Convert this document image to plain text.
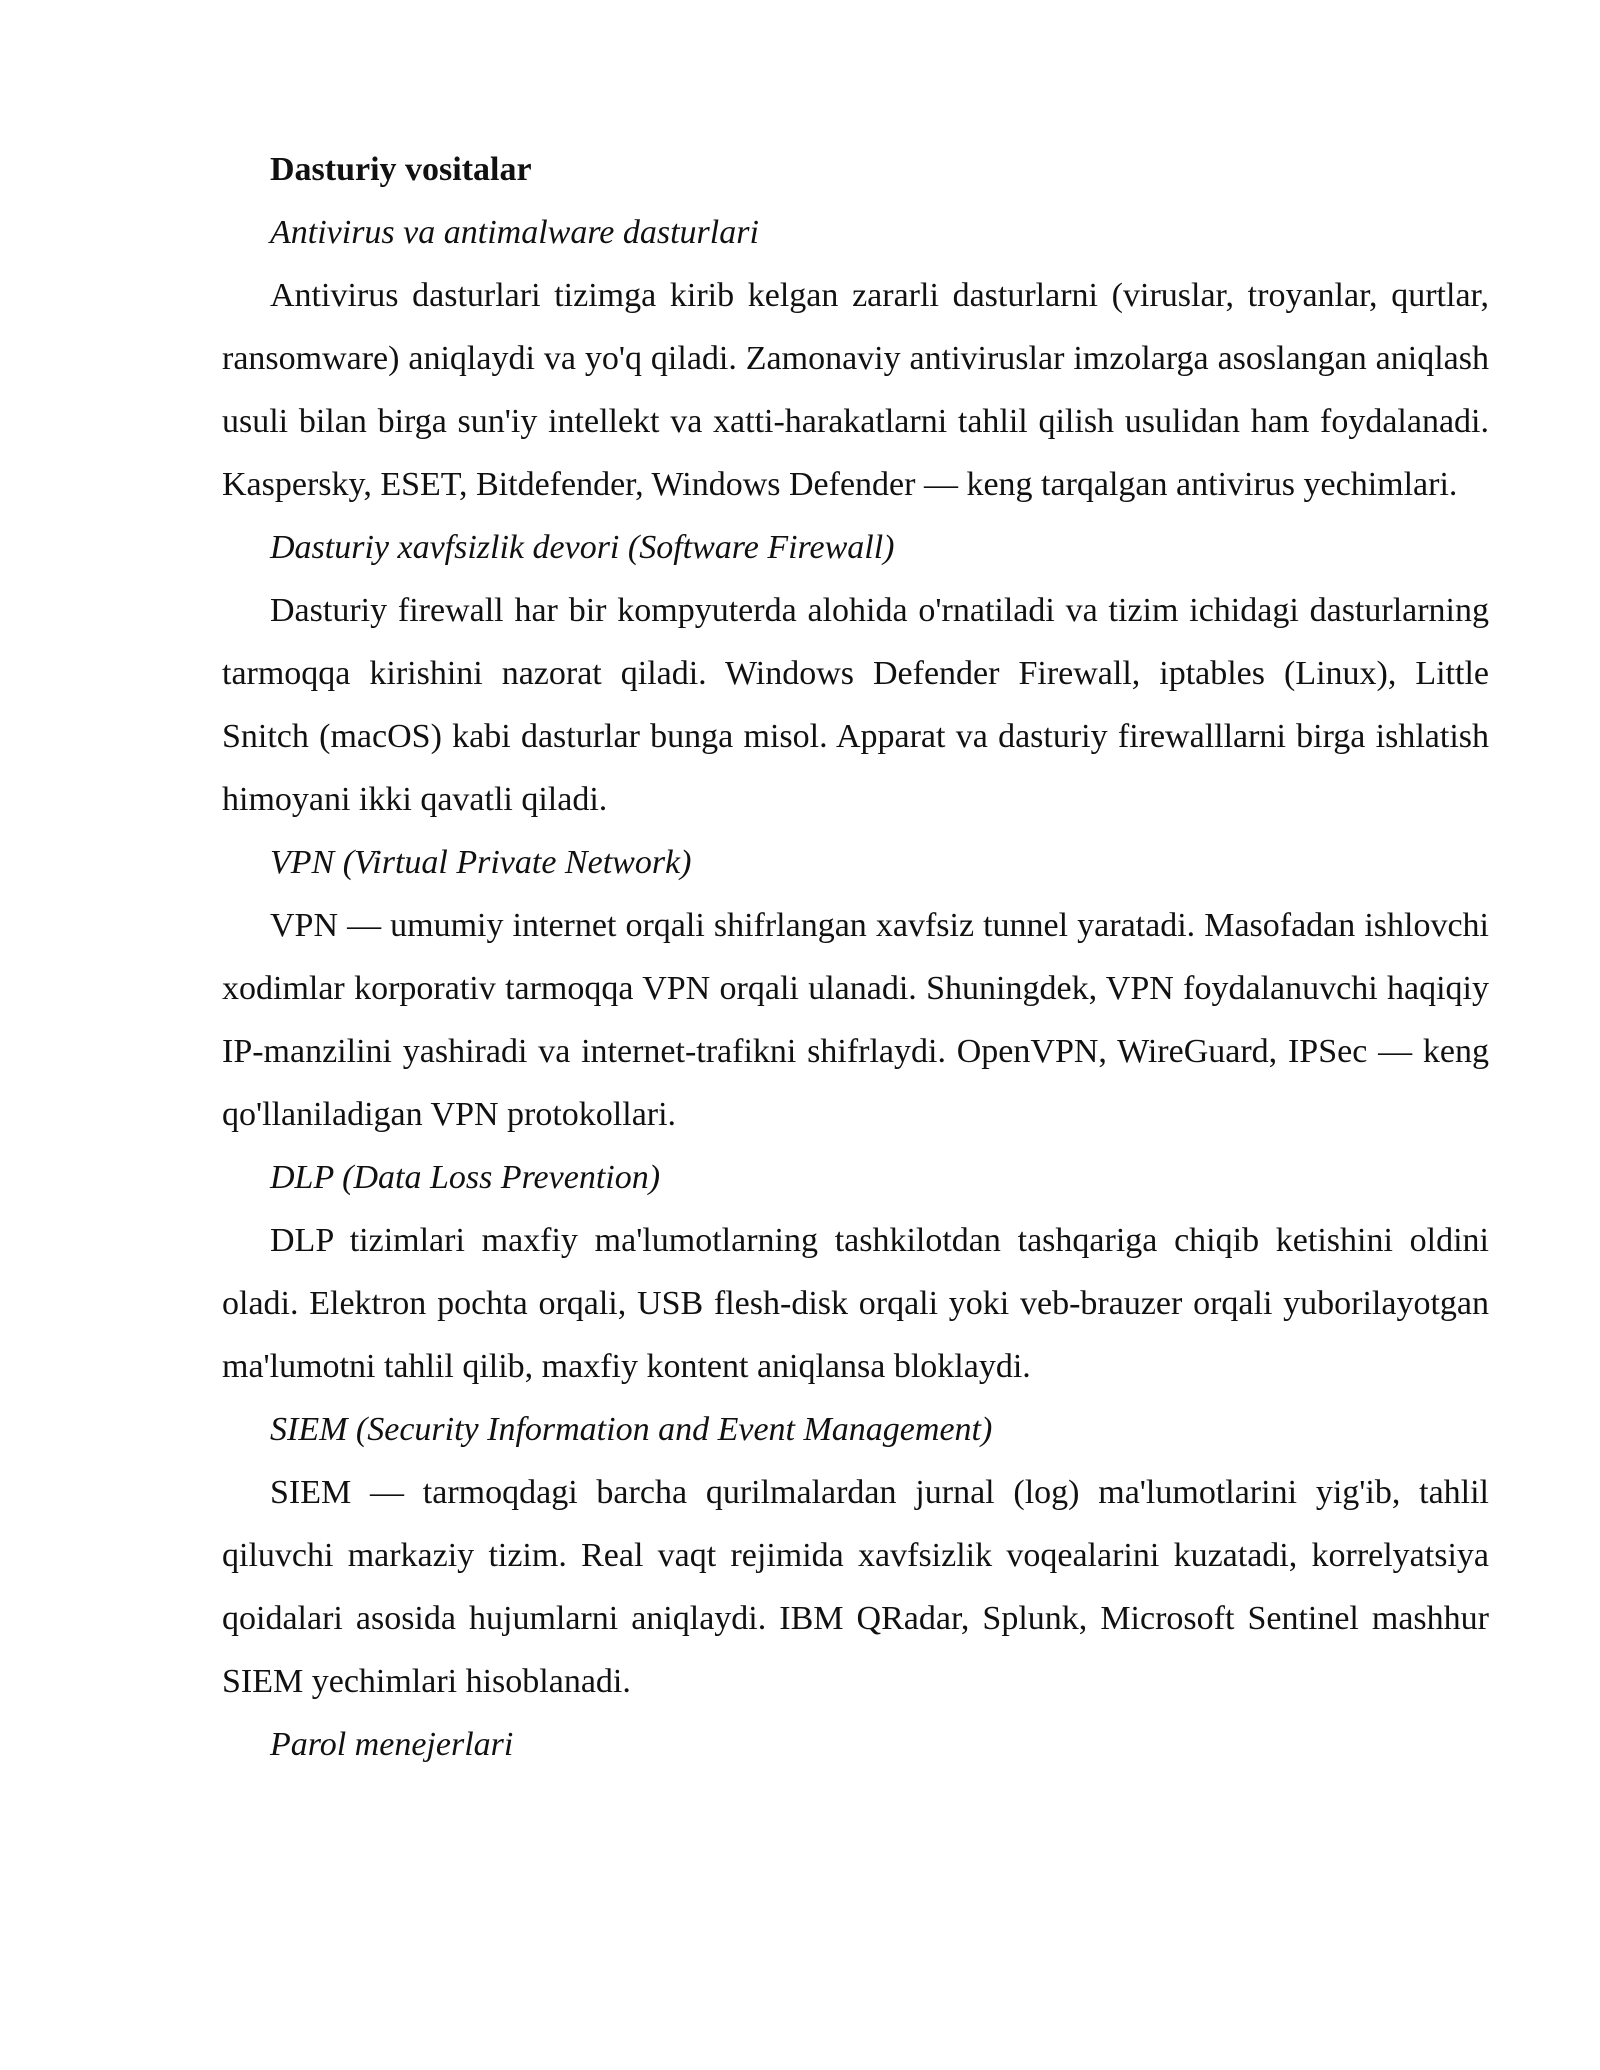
Dasturiy vositalar

Antivirus va antimalware dasturlari

Antivirus dasturlari tizimga kirib kelgan zararli dasturlarni (viruslar, troyanlar, qurtlar, ransomware) aniqlaydi va yo'q qiladi. Zamonaviy antiviruslar imzolarga asoslangan aniqlash usuli bilan birga sun'iy intellekt va xatti-harakatlarni tahlil qilish usulidan ham foydalanadi. Kaspersky, ESET, Bitdefender, Windows Defender — keng tarqalgan antivirus yechimlari.

Dasturiy xavfsizlik devori (Software Firewall)

Dasturiy firewall har bir kompyuterda alohida o'rnatiladi va tizim ichidagi dasturlarning tarmoqqa kirishini nazorat qiladi. Windows Defender Firewall, iptables (Linux), Little Snitch (macOS) kabi dasturlar bunga misol. Apparat va dasturiy firewalllarni birga ishlatish himoyani ikki qavatli qiladi.

VPN (Virtual Private Network)

VPN — umumiy internet orqali shifrlangan xavfsiz tunnel yaratadi. Masofadan ishlovchi xodimlar korporativ tarmoqqa VPN orqali ulanadi. Shuningdek, VPN foydalanuvchi haqiqiy IP-manzilini yashiradi va internet-trafikni shifrlaydi. OpenVPN, WireGuard, IPSec — keng qo'llaniladigan VPN protokollari.

DLP (Data Loss Prevention)

DLP tizimlari maxfiy ma'lumotlarning tashkilotdan tashqariga chiqib ketishini oldini oladi. Elektron pochta orqali, USB flesh-disk orqali yoki veb-brauzer orqali yuborilayotgan ma'lumotni tahlil qilib, maxfiy kontent aniqlansa bloklaydi.

SIEM (Security Information and Event Management)

SIEM — tarmoqdagi barcha qurilmalardan jurnal (log) ma'lumotlarini yig'ib, tahlil qiluvchi markaziy tizim. Real vaqt rejimida xavfsizlik voqealarini kuzatadi, korrelyatsiya qoidalari asosida hujumlarni aniqlaydi. IBM QRadar, Splunk, Microsoft Sentinel mashhur SIEM yechimlari hisoblanadi.

Parol menejerlari
